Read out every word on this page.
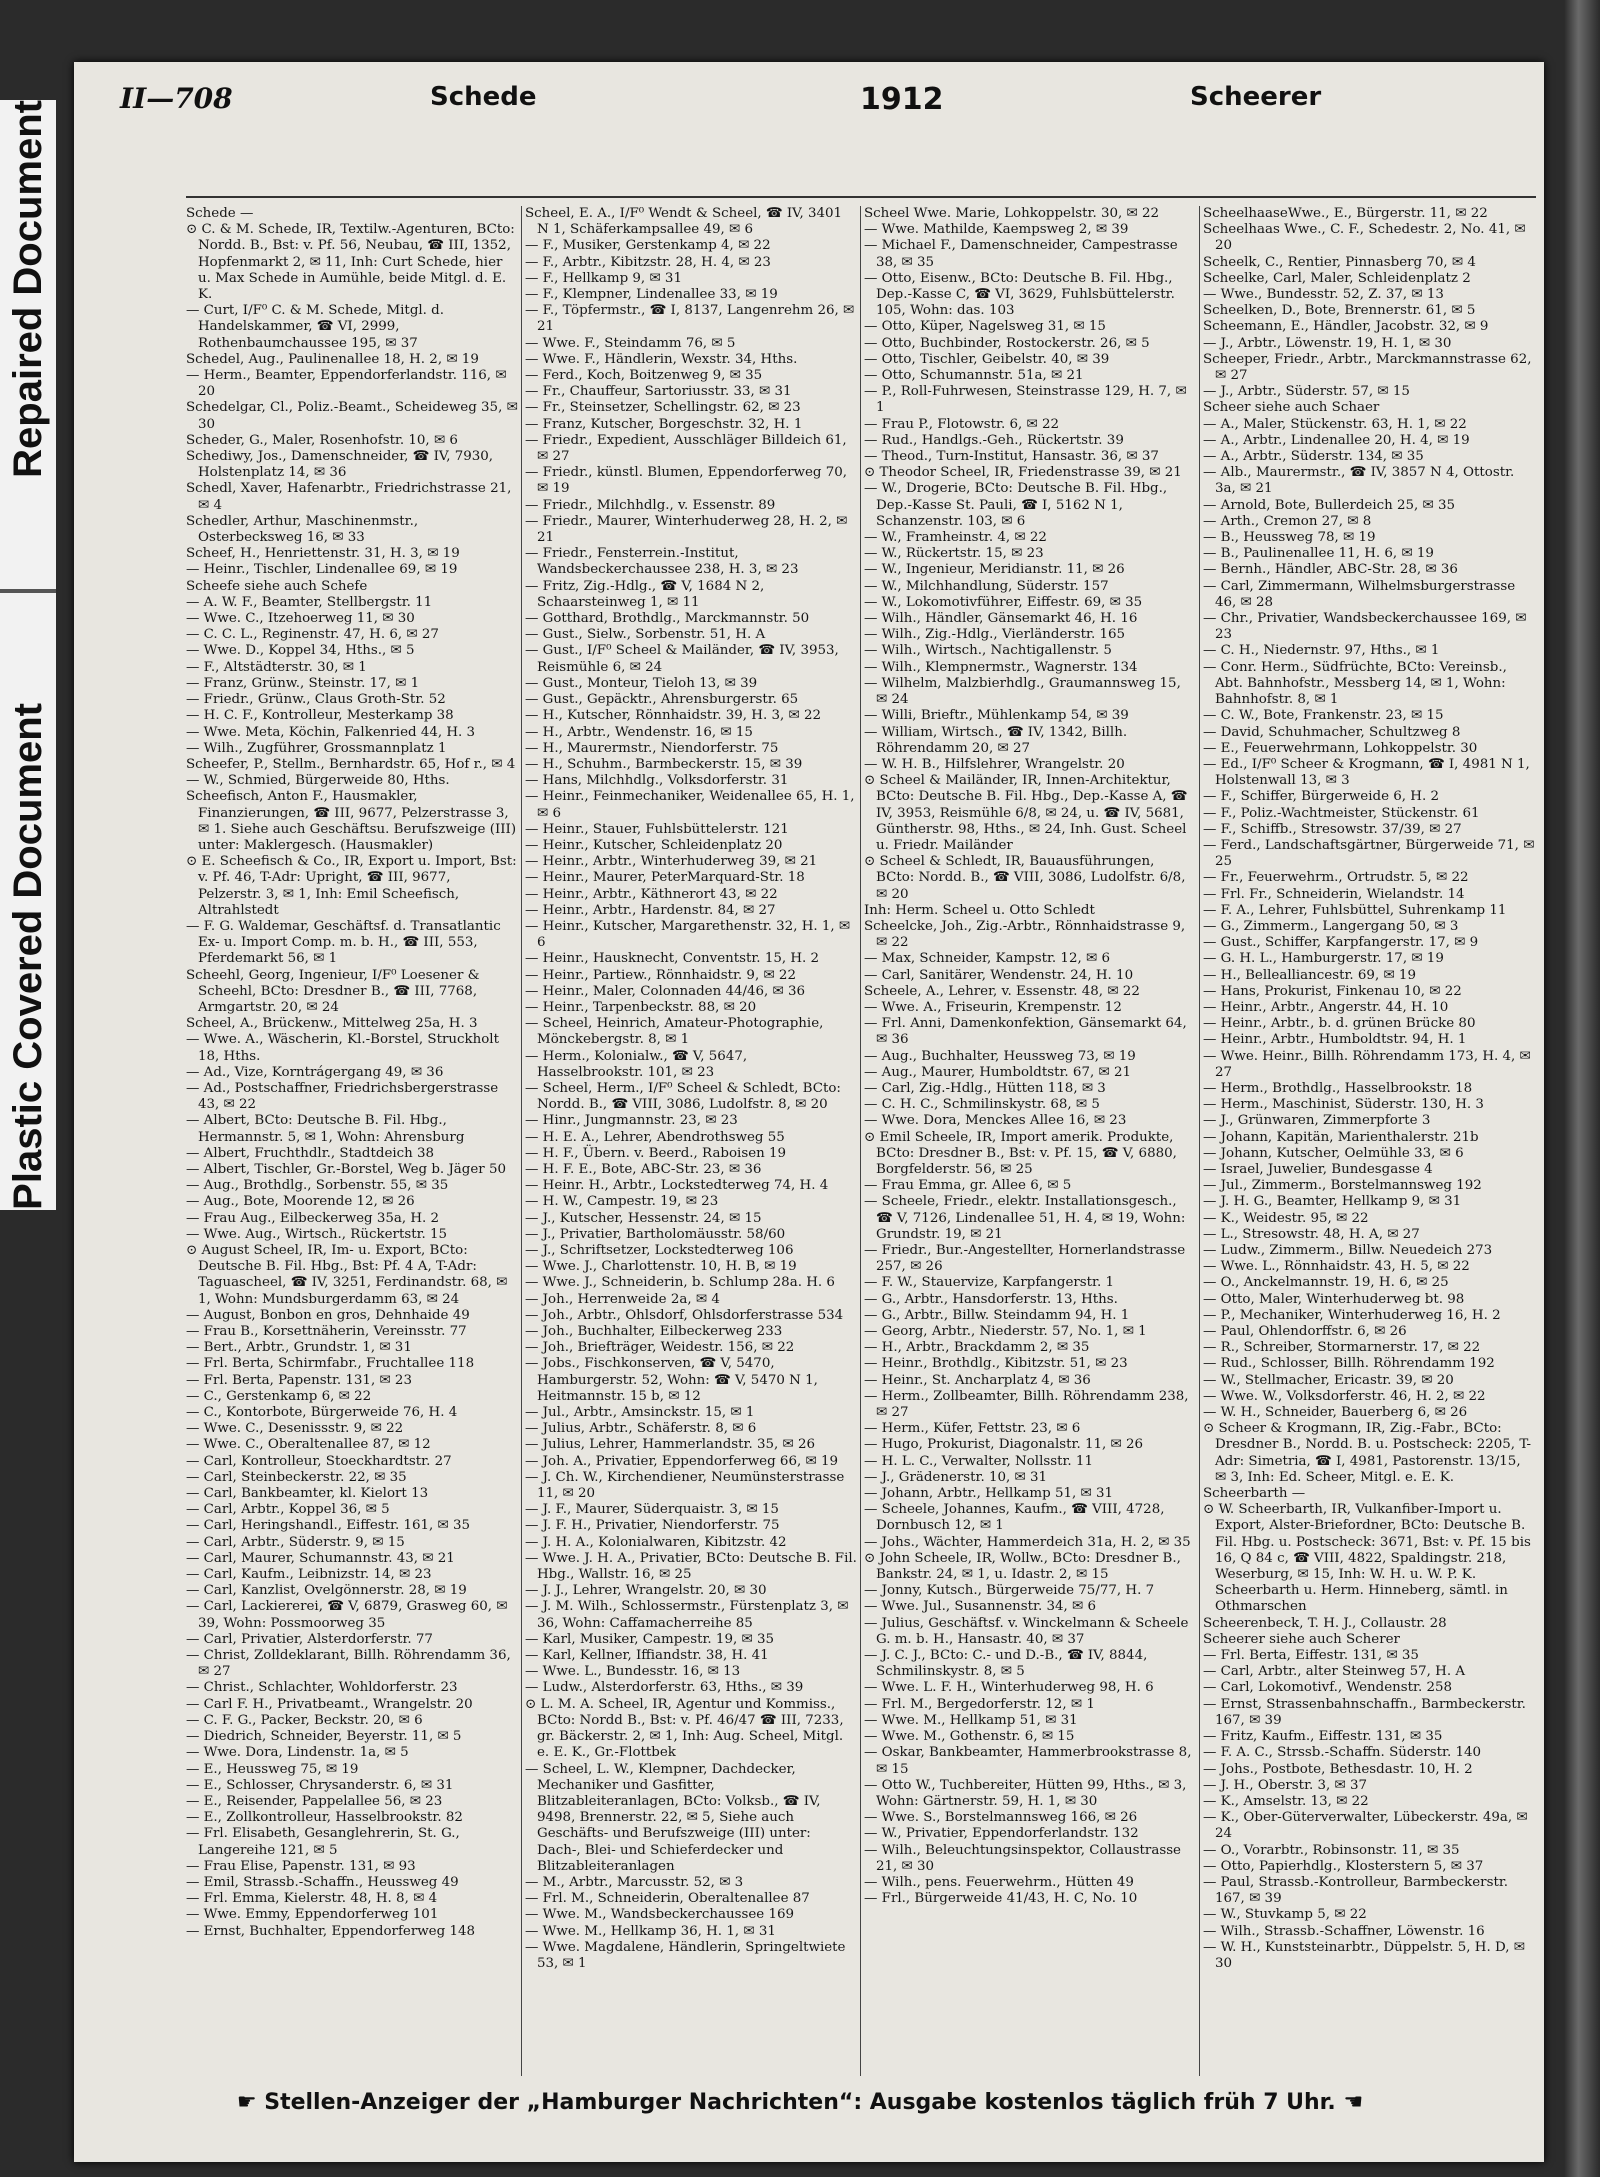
Repaired Document
Plastic Covered Document
II—708	Schede	1912	Scheerer

Schede —

⊙ C. & M. Schede, IR, Textilw.-Agenturen, BCto: Nordd. B., Bst: v. Pf. 56, Neubau, ☎ III, 1352, Hopfenmarkt 2, ✉ 11, Inh: Curt Schede, hier u. Max Schede in Aumühle, beide Mitgl. d. E. K.

— Curt, I/F⁰ C. & M. Schede, Mitgl. d. Handelskammer, ☎ VI, 2999, Rothenbaumchaussee 195, ✉ 37

Schedel, Aug., Paulinenallee 18, H. 2, ✉ 19

— Herm., Beamter, Eppendorferlandstr. 116, ✉ 20

Schedelgar, Cl., Poliz.-Beamt., Scheideweg 35, ✉ 30

Scheder, G., Maler, Rosenhofstr. 10, ✉ 6

Schediwy, Jos., Damenschneider, ☎ IV, 7930, Holstenplatz 14, ✉ 36

Schedl, Xaver, Hafenarbtr., Friedrichstrasse 21, ✉ 4

Schedler, Arthur, Maschinenmstr., Osterbecksweg 16, ✉ 33

Scheef, H., Henriettenstr. 31, H. 3, ✉ 19

— Heinr., Tischler, Lindenallee 69, ✉ 19

Scheefe siehe auch Schefe

— A. W. F., Beamter, Stellbergstr. 11

— Wwe. C., Itzehoerweg 11, ✉ 30

— C. C. L., Reginenstr. 47, H. 6, ✉ 27

— Wwe. D., Koppel 34, Hths., ✉ 5

— F., Altstädterstr. 30, ✉ 1

— Franz, Grünw., Steinstr. 17, ✉ 1

— Friedr., Grünw., Claus Groth-Str. 52

— H. C. F., Kontrolleur, Mesterkamp 38

— Wwe. Meta, Köchin, Falkenried 44, H. 3

— Wilh., Zugführer, Grossmannplatz 1

Scheefer, P., Stellm., Bernhardstr. 65, Hof r., ✉ 4

— W., Schmied, Bürgerweide 80, Hths.

Scheefisch, Anton F., Hausmakler, Finanzierungen, ☎ III, 9677, Pelzerstrasse 3, ✉ 1. Siehe auch Geschäftsu. Berufszweige (III) unter: Maklergesch. (Hausmakler)

⊙ E. Scheefisch & Co., IR, Export u. Import, Bst: v. Pf. 46, T-Adr: Upright, ☎ III, 9677, Pelzerstr. 3, ✉ 1, Inh: Emil Scheefisch, Altrahlstedt

— F. G. Waldemar, Geschäftsf. d. Transatlantic Ex- u. Import Comp. m. b. H., ☎ III, 553, Pferdemarkt 56, ✉ 1

Scheehl, Georg, Ingenieur, I/F⁰ Loesener & Scheehl, BCto: Dresdner B., ☎ III, 7768, Armgartstr. 20, ✉ 24

Scheel, A., Brückenw., Mittelweg 25a, H. 3

— Wwe. A., Wäscherin, Kl.-Borstel, Struckholt 18, Hths.

— Ad., Vize, Korntrágergang 49, ✉ 36

— Ad., Postschaffner, Friedrichsbergerstrasse 43, ✉ 22

— Albert, BCto: Deutsche B. Fil. Hbg., Hermannstr. 5, ✉ 1, Wohn: Ahrensburg

— Albert, Fruchthdlr., Stadtdeich 38

— Albert, Tischler, Gr.-Borstel, Weg b. Jäger 50

— Aug., Brothdlg., Sorbenstr. 55, ✉ 35

— Aug., Bote, Moorende 12, ✉ 26

— Frau Aug., Eilbeckerweg 35a, H. 2

— Wwe. Aug., Wirtsch., Rückertstr. 15

⊙ August Scheel, IR, Im- u. Export, BCto: Deutsche B. Fil. Hbg., Bst: Pf. 4 A, T-Adr: Taguascheel, ☎ IV, 3251, Ferdinandstr. 68, ✉ 1, Wohn: Mundsburgerdamm 63, ✉ 24

— August, Bonbon en gros, Dehnhaide 49

— Frau B., Korsettnäherin, Vereinsstr. 77

— Bert., Arbtr., Grundstr. 1, ✉ 31

— Frl. Berta, Schirmfabr., Fruchtallee 118

— Frl. Berta, Papenstr. 131, ✉ 23

— C., Gerstenkamp 6, ✉ 22

— C., Kontorbote, Bürgerweide 76, H. 4

— Wwe. C., Desenissstr. 9, ✉ 22

— Wwe. C., Oberaltenallee 87, ✉ 12

— Carl, Kontrolleur, Stoeckhardtstr. 27

— Carl, Steinbeckerstr. 22, ✉ 35

— Carl, Bankbeamter, kl. Kielort 13

— Carl, Arbtr., Koppel 36, ✉ 5

— Carl, Heringshandl., Eiffestr. 161, ✉ 35

— Carl, Arbtr., Süderstr. 9, ✉ 15

— Carl, Maurer, Schumannstr. 43, ✉ 21

— Carl, Kaufm., Leibnizstr. 14, ✉ 23

— Carl, Kanzlist, Ovelgönnerstr. 28, ✉ 19

— Carl, Lackiererei, ☎ V, 6879, Grasweg 60, ✉ 39, Wohn: Possmoorweg 35

— Carl, Privatier, Alsterdorferstr. 77

— Christ, Zolldeklarant, Billh. Röhrendamm 36, ✉ 27

— Christ., Schlachter, Wohldorferstr. 23

— Carl F. H., Privatbeamt., Wrangelstr. 20

— C. F. G., Packer, Beckstr. 20, ✉ 6

— Diedrich, Schneider, Beyerstr. 11, ✉ 5

— Wwe. Dora, Lindenstr. 1a, ✉ 5

— E., Heussweg 75, ✉ 19

— E., Schlosser, Chrysanderstr. 6, ✉ 31

— E., Reisender, Pappelallee 56, ✉ 23

— E., Zollkontrolleur, Hasselbrookstr. 82

— Frl. Elisabeth, Gesanglehrerin, St. G., Langereihe 121, ✉ 5

— Frau Elise, Papenstr. 131, ✉ 93

— Emil, Strassb.-Schaffn., Heussweg 49

— Frl. Emma, Kielerstr. 48, H. 8, ✉ 4

— Wwe. Emmy, Eppendorferweg 101

— Ernst, Buchhalter, Eppendorferweg 148

Scheel, E. A., I/F⁰ Wendt & Scheel, ☎ IV, 3401 N 1, Schäferkampsallee 49, ✉ 6

— F., Musiker, Gerstenkamp 4, ✉ 22

— F., Arbtr., Kibitzstr. 28, H. 4, ✉ 23

— F., Hellkamp 9, ✉ 31

— F., Klempner, Lindenallee 33, ✉ 19

— F., Töpfermstr., ☎ I, 8137, Langenrehm 26, ✉ 21

— Wwe. F., Steindamm 76, ✉ 5

— Wwe. F., Händlerin, Wexstr. 34, Hths.

— Ferd., Koch, Boitzenweg 9, ✉ 35

— Fr., Chauffeur, Sartoriusstr. 33, ✉ 31

— Fr., Steinsetzer, Schellingstr. 62, ✉ 23

— Franz, Kutscher, Borgeschstr. 32, H. 1

— Friedr., Expedient, Ausschläger Billdeich 61, ✉ 27

— Friedr., künstl. Blumen, Eppendorferweg 70, ✉ 19

— Friedr., Milchhdlg., v. Essenstr. 89

— Friedr., Maurer, Winterhuderweg 28, H. 2, ✉ 21

— Friedr., Fensterrein.-Institut, Wandsbeckerchaussee 238, H. 3, ✉ 23

— Fritz, Zig.-Hdlg., ☎ V, 1684 N 2, Schaarsteinweg 1, ✉ 11

— Gotthard, Brothdlg., Marckmannstr. 50

— Gust., Sielw., Sorbenstr. 51, H. A

— Gust., I/F⁰ Scheel & Mailänder, ☎ IV, 3953, Reismühle 6, ✉ 24

— Gust., Monteur, Tieloh 13, ✉ 39

— Gust., Gepäcktr., Ahrensburgerstr. 65

— H., Kutscher, Rönnhaidstr. 39, H. 3, ✉ 22

— H., Arbtr., Wendenstr. 16, ✉ 15

— H., Maurermstr., Niendorferstr. 75

— H., Schuhm., Barmbeckerstr. 15, ✉ 39

— Hans, Milchhdlg., Volksdorferstr. 31

— Heinr., Feinmechaniker, Weidenallee 65, H. 1, ✉ 6

— Heinr., Stauer, Fuhlsbüttelerstr. 121

— Heinr., Kutscher, Schleidenplatz 20

— Heinr., Arbtr., Winterhuderweg 39, ✉ 21

— Heinr., Maurer, PeterMarquard-Str. 18

— Heinr., Arbtr., Käthnerort 43, ✉ 22

— Heinr., Arbtr., Hardenstr. 84, ✉ 27

— Heinr., Kutscher, Margarethenstr. 32, H. 1, ✉ 6

— Heinr., Hausknecht, Conventstr. 15, H. 2

— Heinr., Partiew., Rönnhaidstr. 9, ✉ 22

— Heinr., Maler, Colonnaden 44/46, ✉ 36

— Heinr., Tarpenbeckstr. 88, ✉ 20

— Scheel, Heinrich, Amateur-Photographie, Mönckebergstr. 8, ✉ 1

— Herm., Kolonialw., ☎ V, 5647, Hasselbrookstr. 101, ✉ 23

— Scheel, Herm., I/F⁰ Scheel & Schledt, BCto: Nordd. B., ☎ VIII, 3086, Ludolfstr. 8, ✉ 20

— Hinr., Jungmannstr. 23, ✉ 23

— H. E. A., Lehrer, Abendrothsweg 55

— H. F., Übern. v. Beerd., Raboisen 19

— H. F. E., Bote, ABC-Str. 23, ✉ 36

— Heinr. H., Arbtr., Lockstedterweg 74, H. 4

— H. W., Campestr. 19, ✉ 23

— J., Kutscher, Hessenstr. 24, ✉ 15

— J., Privatier, Bartholomäusstr. 58/60

— J., Schriftsetzer, Lockstedterweg 106

— Wwe. J., Charlottenstr. 10, H. B, ✉ 19

— Wwe. J., Schneiderin, b. Schlump 28a. H. 6

— Joh., Herrenweide 2a, ✉ 4

— Joh., Arbtr., Ohlsdorf, Ohlsdorferstrasse 534

— Joh., Buchhalter, Eilbeckerweg 233

— Joh., Briefträger, Weidestr. 156, ✉ 22

— Jobs., Fischkonserven, ☎ V, 5470, Hamburgerstr. 52, Wohn: ☎ V, 5470 N 1, Heitmannstr. 15 b, ✉ 12

— Jul., Arbtr., Amsinckstr. 15, ✉ 1

— Julius, Arbtr., Schäferstr. 8, ✉ 6

— Julius, Lehrer, Hammerlandstr. 35, ✉ 26

— Joh. A., Privatier, Eppendorferweg 66, ✉ 19

— J. Ch. W., Kirchendiener, Neumünsterstrasse 11, ✉ 20

— J. F., Maurer, Süderquaistr. 3, ✉ 15

— J. F. H., Privatier, Niendorferstr. 75

— J. H. A., Kolonialwaren, Kibitzstr. 42

— Wwe. J. H. A., Privatier, BCto: Deutsche B. Fil. Hbg., Wallstr. 16, ✉ 25

— J. J., Lehrer, Wrangelstr. 20, ✉ 30

— J. M. Wilh., Schlossermstr., Fürstenplatz 3, ✉ 36, Wohn: Caffamacherreihe 85

— Karl, Musiker, Campestr. 19, ✉ 35

— Karl, Kellner, Iffiandstr. 38, H. 41

— Wwe. L., Bundesstr. 16, ✉ 13

— Ludw., Alsterdorferstr. 63, Hths., ✉ 39

⊙ L. M. A. Scheel, IR, Agentur und Kommiss., BCto: Nordd B., Bst: v. Pf. 46/47 ☎ III, 7233, gr. Bäckerstr. 2, ✉ 1, Inh: Aug. Scheel, Mitgl. e. E. K., Gr.-Flottbek

— Scheel, L. W., Klempner, Dachdecker, Mechaniker und Gasfitter, Blitzableiteranlagen, BCto: Volksb., ☎ IV, 9498, Brennerstr. 22, ✉ 5, Siehe auch Geschäfts- und Berufszweige (III) unter: Dach-, Blei- und Schieferdecker und Blitzableiteranlagen

— M., Arbtr., Marcusstr. 52, ✉ 3

— Frl. M., Schneiderin, Oberaltenallee 87

— Wwe. M., Wandsbeckerchaussee 169

— Wwe. M., Hellkamp 36, H. 1, ✉ 31

— Wwe. Magdalene, Händlerin, Springeltwiete 53, ✉ 1

Scheel Wwe. Marie, Lohkoppelstr. 30, ✉ 22

— Wwe. Mathilde, Kaempsweg 2, ✉ 39

— Michael F., Damenschneider, Campestrasse 38, ✉ 35

— Otto, Eisenw., BCto: Deutsche B. Fil. Hbg., Dep.-Kasse C, ☎ VI, 3629, Fuhlsbüttelerstr. 105, Wohn: das. 103

— Otto, Küper, Nagelsweg 31, ✉ 15

— Otto, Buchbinder, Rostockerstr. 26, ✉ 5

— Otto, Tischler, Geibelstr. 40, ✉ 39

— Otto, Schumannstr. 51a, ✉ 21

— P., Roll-Fuhrwesen, Steinstrasse 129, H. 7, ✉ 1

— Frau P., Flotowstr. 6, ✉ 22

— Rud., Handlgs.-Geh., Rückertstr. 39

— Theod., Turn-Institut, Hansastr. 36, ✉ 37

⊙ Theodor Scheel, IR, Friedenstrasse 39, ✉ 21

— W., Drogerie, BCto: Deutsche B. Fil. Hbg., Dep.-Kasse St. Pauli, ☎ I, 5162 N 1, Schanzenstr. 103, ✉ 6

— W., Framheinstr. 4, ✉ 22

— W., Rückertstr. 15, ✉ 23

— W., Ingenieur, Meridianstr. 11, ✉ 26

— W., Milchhandlung, Süderstr. 157

— W., Lokomotivführer, Eiffestr. 69, ✉ 35

— Wilh., Händler, Gänsemarkt 46, H. 16

— Wilh., Zig.-Hdlg., Vierländerstr. 165

— Wilh., Wirtsch., Nachtigallenstr. 5

— Wilh., Klempnermstr., Wagnerstr. 134

— Wilhelm, Malzbierhdlg., Graumannsweg 15, ✉ 24

— Willi, Brieftr., Mühlenkamp 54, ✉ 39

— William, Wirtsch., ☎ IV, 1342, Billh. Röhrendamm 20, ✉ 27

— W. H. B., Hilfslehrer, Wrangelstr. 20

⊙ Scheel & Mailänder, IR, Innen-Architektur, BCto: Deutsche B. Fil. Hbg., Dep.-Kasse A, ☎ IV, 3953, Reismühle 6/8, ✉ 24, u. ☎ IV, 5681, Güntherstr. 98, Hths., ✉ 24, Inh. Gust. Scheel u. Friedr. Mailänder

⊙ Scheel & Schledt, IR, Bauausführungen, BCto: Nordd. B., ☎ VIII, 3086, Ludolfstr. 6/8, ✉ 20

Inh: Herm. Scheel u. Otto Schledt

Scheelcke, Joh., Zig.-Arbtr., Rönnhaidstrasse 9, ✉ 22

— Max, Schneider, Kampstr. 12, ✉ 6

— Carl, Sanitärer, Wendenstr. 24, H. 10

Scheele, A., Lehrer, v. Essenstr. 48, ✉ 22

— Wwe. A., Friseurin, Krempenstr. 12

— Frl. Anni, Damenkonfektion, Gänsemarkt 64, ✉ 36

— Aug., Buchhalter, Heussweg 73, ✉ 19

— Aug., Maurer, Humboldtstr. 67, ✉ 21

— Carl, Zig.-Hdlg., Hütten 118, ✉ 3

— C. H. C., Schmilinskystr. 68, ✉ 5

— Wwe. Dora, Menckes Allee 16, ✉ 23

⊙ Emil Scheele, IR, Import amerik. Produkte, BCto: Dresdner B., Bst: v. Pf. 15, ☎ V, 6880, Borgfelderstr. 56, ✉ 25

— Frau Emma, gr. Allee 6, ✉ 5

— Scheele, Friedr., elektr. Installationsgesch., ☎ V, 7126, Lindenallee 51, H. 4, ✉ 19, Wohn: Grundstr. 19, ✉ 21

— Friedr., Bur.-Angestellter, Hornerlandstrasse 257, ✉ 26

— F. W., Stauervize, Karpfangerstr. 1

— G., Arbtr., Hansdorferstr. 13, Hths.

— G., Arbtr., Billw. Steindamm 94, H. 1

— Georg, Arbtr., Niederstr. 57, No. 1, ✉ 1

— H., Arbtr., Brackdamm 2, ✉ 35

— Heinr., Brothdlg., Kibitzstr. 51, ✉ 23

— Heinr., St. Ancharplatz 4, ✉ 36

— Herm., Zollbeamter, Billh. Röhrendamm 238, ✉ 27

— Herm., Küfer, Fettstr. 23, ✉ 6

— Hugo, Prokurist, Diagonalstr. 11, ✉ 26

— H. L. C., Verwalter, Nollsstr. 11

— J., Grädenerstr. 10, ✉ 31

— Johann, Arbtr., Hellkamp 51, ✉ 31

— Scheele, Johannes, Kaufm., ☎ VIII, 4728, Dornbusch 12, ✉ 1

— Johs., Wächter, Hammerdeich 31a, H. 2, ✉ 35

⊙ John Scheele, IR, Wollw., BCto: Dresdner B., Bankstr. 24, ✉ 1, u. Idastr. 2, ✉ 15

— Jonny, Kutsch., Bürgerweide 75/77, H. 7

— Wwe. Jul., Susannenstr. 34, ✉ 6

— Julius, Geschäftsf. v. Winckelmann & Scheele G. m. b. H., Hansastr. 40, ✉ 37

— J. C. J., BCto: C.- und D.-B., ☎ IV, 8844, Schmilinskystr. 8, ✉ 5

— Wwe. L. F. H., Winterhuderweg 98, H. 6

— Frl. M., Bergedorferstr. 12, ✉ 1

— Wwe. M., Hellkamp 51, ✉ 31

— Wwe. M., Gothenstr. 6, ✉ 15

— Oskar, Bankbeamter, Hammerbrookstrasse 8, ✉ 15

— Otto W., Tuchbereiter, Hütten 99, Hths., ✉ 3, Wohn: Gärtnerstr. 59, H. 1, ✉ 30

— Wwe. S., Borstelmannsweg 166, ✉ 26

— W., Privatier, Eppendorferlandstr. 132

— Wilh., Beleuchtungsinspektor, Collaustrasse 21, ✉ 30

— Wilh., pens. Feuerwehrm., Hütten 49

— Frl., Bürgerweide 41/43, H. C, No. 10

ScheelhaaseWwe., E., Bürgerstr. 11, ✉ 22

Scheelhaas Wwe., C. F., Schedestr. 2, No. 41, ✉ 20

Scheelk, C., Rentier, Pinnasberg 70, ✉ 4

Scheelke, Carl, Maler, Schleidenplatz 2

— Wwe., Bundesstr. 52, Z. 37, ✉ 13

Scheelken, D., Bote, Brennerstr. 61, ✉ 5

Scheemann, E., Händler, Jacobstr. 32, ✉ 9

— J., Arbtr., Löwenstr. 19, H. 1, ✉ 30

Scheeper, Friedr., Arbtr., Marckmannstrasse 62, ✉ 27

— J., Arbtr., Süderstr. 57, ✉ 15

Scheer siehe auch Schaer

— A., Maler, Stückenstr. 63, H. 1, ✉ 22

— A., Arbtr., Lindenallee 20, H. 4, ✉ 19

— A., Arbtr., Süderstr. 134, ✉ 35

— Alb., Maurermstr., ☎ IV, 3857 N 4, Ottostr. 3a, ✉ 21

— Arnold, Bote, Bullerdeich 25, ✉ 35

— Arth., Cremon 27, ✉ 8

— B., Heussweg 78, ✉ 19

— B., Paulinenallee 11, H. 6, ✉ 19

— Bernh., Händler, ABC-Str. 28, ✉ 36

— Carl, Zimmermann, Wilhelmsburgerstrasse 46, ✉ 28

— Chr., Privatier, Wandsbeckerchaussee 169, ✉ 23

— C. H., Niedernstr. 97, Hths., ✉ 1

— Conr. Herm., Südfrüchte, BCto: Vereinsb., Abt. Bahnhofstr., Messberg 14, ✉ 1, Wohn: Bahnhofstr. 8, ✉ 1

— C. W., Bote, Frankenstr. 23, ✉ 15

— David, Schuhmacher, Schultzweg 8

— E., Feuerwehrmann, Lohkoppelstr. 30

— Ed., I/F⁰ Scheer & Krogmann, ☎ I, 4981 N 1, Holstenwall 13, ✉ 3

— F., Schiffer, Bürgerweide 6, H. 2

— F., Poliz.-Wachtmeister, Stückenstr. 61

— F., Schiffb., Stresowstr. 37/39, ✉ 27

— Ferd., Landschaftsgärtner, Bürgerweide 71, ✉ 25

— Fr., Feuerwehrm., Ortrudstr. 5, ✉ 22

— Frl. Fr., Schneiderin, Wielandstr. 14

— F. A., Lehrer, Fuhlsbüttel, Suhrenkamp 11

— G., Zimmerm., Langergang 50, ✉ 3

— Gust., Schiffer, Karpfangerstr. 17, ✉ 9

— G. H. L., Hamburgerstr. 17, ✉ 19

— H., Bellealliancestr. 69, ✉ 19

— Hans, Prokurist, Finkenau 10, ✉ 22

— Heinr., Arbtr., Angerstr. 44, H. 10

— Heinr., Arbtr., b. d. grünen Brücke 80

— Heinr., Arbtr., Humboldtstr. 94, H. 1

— Wwe. Heinr., Billh. Röhrendamm 173, H. 4, ✉ 27

— Herm., Brothdlg., Hasselbrookstr. 18

— Herm., Maschinist, Süderstr. 130, H. 3

— J., Grünwaren, Zimmerpforte 3

— Johann, Kapitän, Marienthalerstr. 21b

— Johann, Kutscher, Oelmühle 33, ✉ 6

— Israel, Juwelier, Bundesgasse 4

— Jul., Zimmerm., Borstelmannsweg 192

— J. H. G., Beamter, Hellkamp 9, ✉ 31

— K., Weidestr. 95, ✉ 22

— L., Stresowstr. 48, H. A, ✉ 27

— Ludw., Zimmerm., Billw. Neuedeich 273

— Wwe. L., Rönnhaidstr. 43, H. 5, ✉ 22

— O., Anckelmannstr. 19, H. 6, ✉ 25

— Otto, Maler, Winterhuderweg bt. 98

— P., Mechaniker, Winterhuderweg 16, H. 2

— Paul, Ohlendorffstr. 6, ✉ 26

— R., Schreiber, Stormarnerstr. 17, ✉ 22

— Rud., Schlosser, Billh. Röhrendamm 192

— W., Stellmacher, Ericastr. 39, ✉ 20

— Wwe. W., Volksdorferstr. 46, H. 2, ✉ 22

— W. H., Schneider, Bauerberg 6, ✉ 26

⊙ Scheer & Krogmann, IR, Zig.-Fabr., BCto: Dresdner B., Nordd. B. u. Postscheck: 2205, T-Adr: Simetria, ☎ I, 4981, Pastorenstr. 13/15, ✉ 3, Inh: Ed. Scheer, Mitgl. e. E. K.

Scheerbarth —

⊙ W. Scheerbarth, IR, Vulkanfiber-Import u. Export, Alster-Briefordner, BCto: Deutsche B. Fil. Hbg. u. Postscheck: 3671, Bst: v. Pf. 15 bis 16, Q 84 c, ☎ VIII, 4822, Spaldingstr. 218, Weserburg, ✉ 15, Inh: W. H. u. W. P. K. Scheerbarth u. Herm. Hinneberg, sämtl. in Othmarschen

Scheerenbeck, T. H. J., Collaustr. 28

Scheerer siehe auch Scherer

— Frl. Berta, Eiffestr. 131, ✉ 35

— Carl, Arbtr., alter Steinweg 57, H. A

— Carl, Lokomotivf., Wendenstr. 258

— Ernst, Strassenbahnschaffn., Barmbeckerstr. 167, ✉ 39

— Fritz, Kaufm., Eiffestr. 131, ✉ 35

— F. A. C., Strssb.-Schaffn. Süderstr. 140

— Johs., Postbote, Bethesdastr. 10, H. 2

— J. H., Oberstr. 3, ✉ 37

— K., Amselstr. 13, ✉ 22

— K., Ober-Güterverwalter, Lübeckerstr. 49a, ✉ 24

— O., Vorarbtr., Robinsonstr. 11, ✉ 35

— Otto, Papierhdlg., Klosterstern 5, ✉ 37

— Paul, Strassb.-Kontrolleur, Barmbeckerstr. 167, ✉ 39

— W., Stuvkamp 5, ✉ 22

— Wilh., Strassb.-Schaffner, Löwenstr. 16

— W. H., Kunststeinarbtr., Düppelstr. 5, H. D, ✉ 30

☛ Stellen-Anzeiger der „Hamburger Nachrichten“: Ausgabe kostenlos täglich früh 7 Uhr. ☚
